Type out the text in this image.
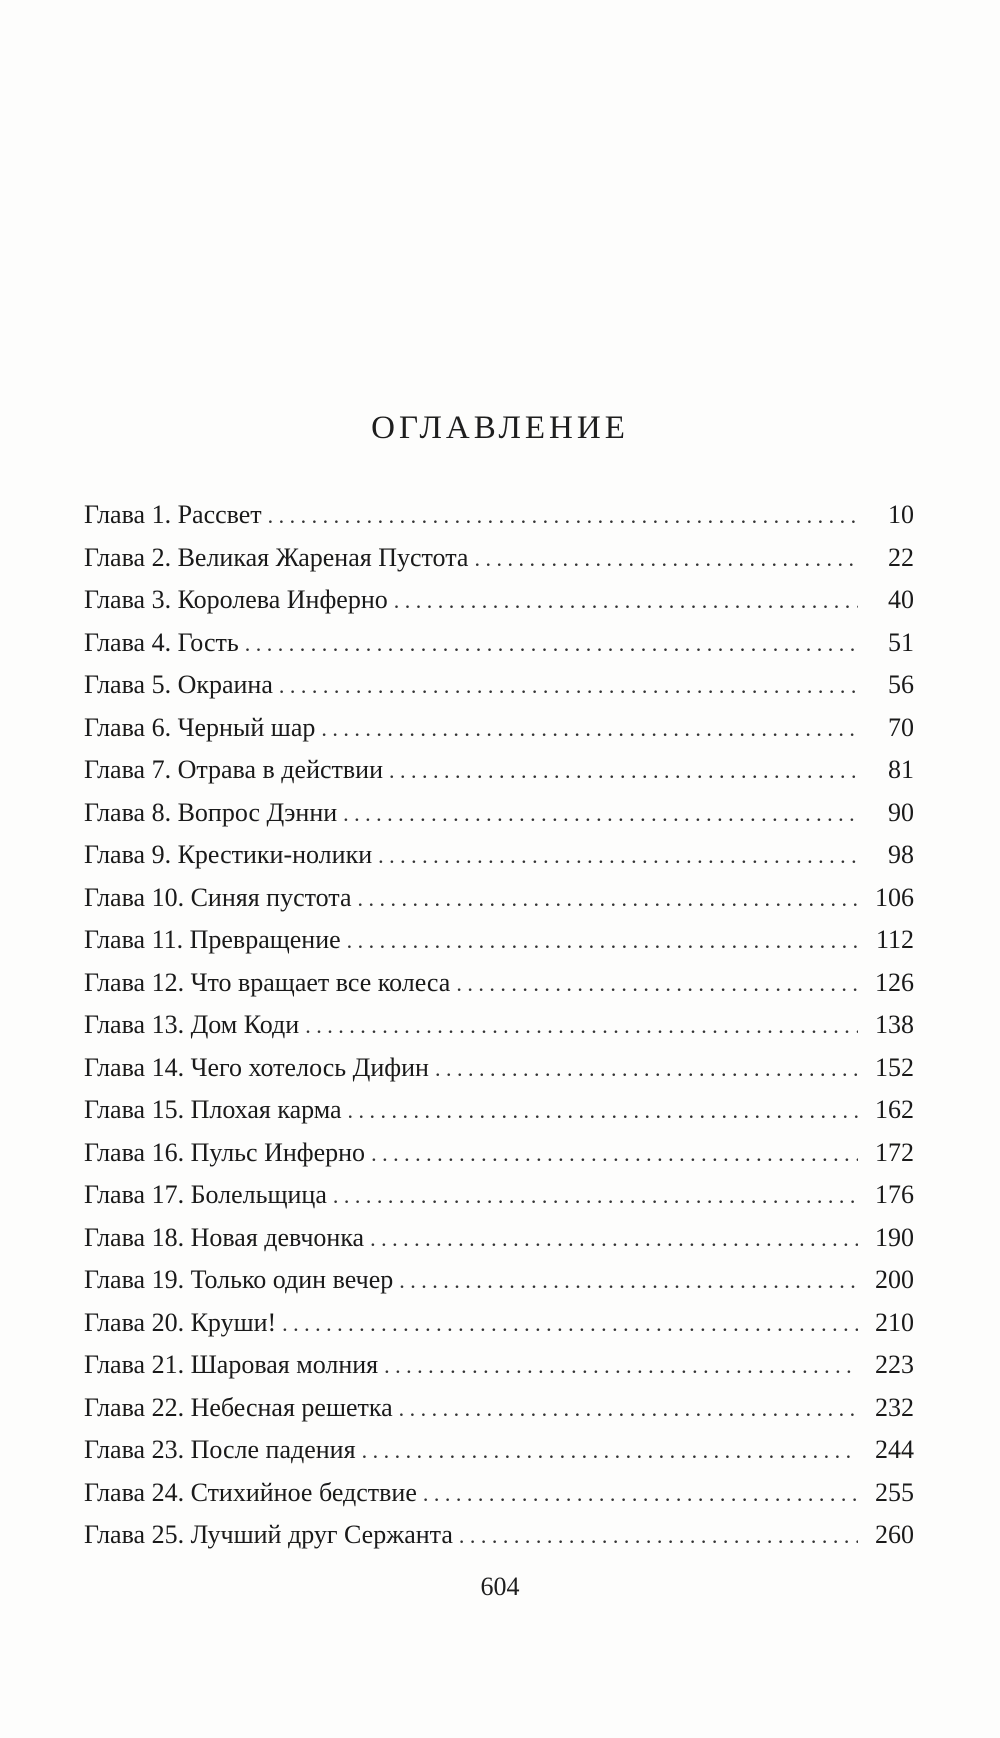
ОГЛАВЛЕНИЕ
Глава 1. Рассвет . . .	10
Глава 2. Великая Жареная Пустота . . .	22
Глава 3. Королева Инферно . . .	40
Глава 4. Гость . . .	51
Глава 5. Окраина . . .	56
Глава 6. Черный шар . . .	70
Глава 7. Отрава в действии . . .	81
Глава 8. Вопрос Дэнни . . .	90
Глава 9. Крестики-нолики . . .	98
Глава 10. Синяя пустота . . .	106
Глава 11. Превращение . . .	112
Глава 12. Что вращает все колеса . . .	126
Глава 13. Дом Коди . . .	138
Глава 14. Чего хотелось Дифин . . .	152
Глава 15. Плохая карма . . .	162
Глава 16. Пульс Инферно . . .	172
Глава 17. Болельщица . . .	176
Глава 18. Новая девчонка . . .	190
Глава 19. Только один вечер . . .	200
Глава 20. Круши! . . .	210
Глава 21. Шаровая молния . . .	223
Глава 22. Небесная решетка . . .	232
Глава 23. После падения . . .	244
Глава 24. Стихийное бедствие . . .	255
Глава 25. Лучший друг Сержанта . . .	260
604
